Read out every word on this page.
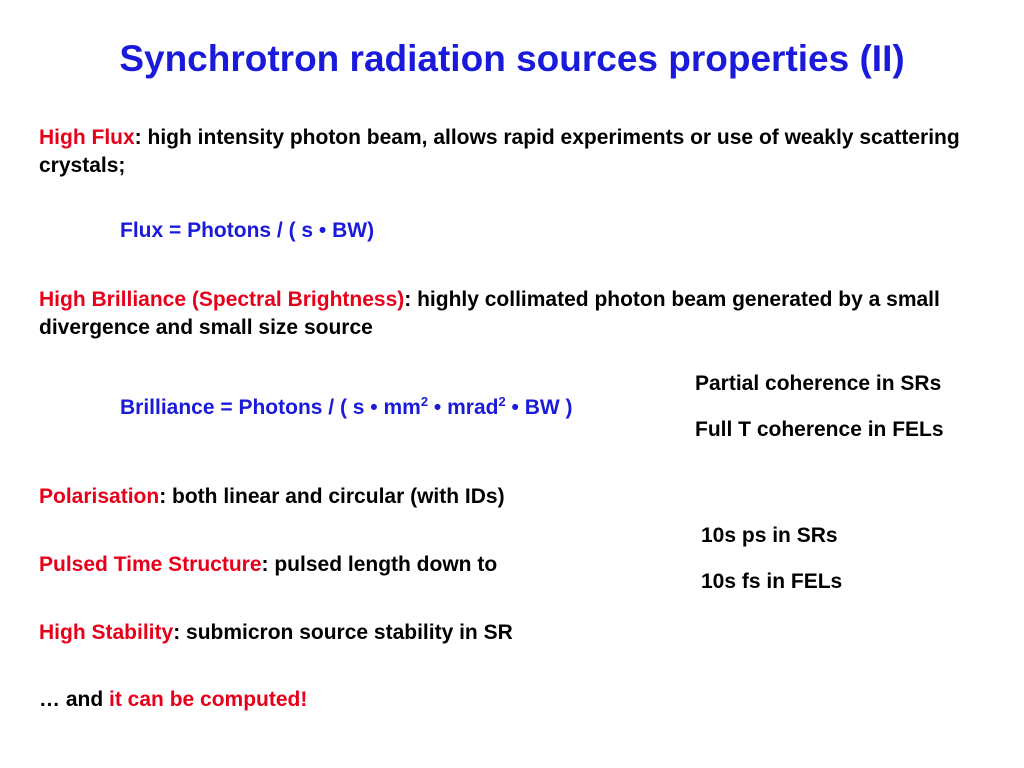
Synchrotron radiation sources properties (II)
High Flux: high intensity photon beam, allows rapid experiments or use of weakly scattering crystals;
Flux = Photons / ( s • BW)
High Brilliance (Spectral Brightness): highly collimated photon beam generated by a small divergence and small size source
Brilliance = Photons / ( s • $mm^2$ • mrad$^2$ • BW )
Partial coherence in SRs
Full T coherence in FELs
Polarisation: both linear and circular (with IDs)
10s ps in SRs
10s fs in FELs
Pulsed Time Structure: pulsed length down to
High Stability: submicron source stability in SR
… and it can be computed!
